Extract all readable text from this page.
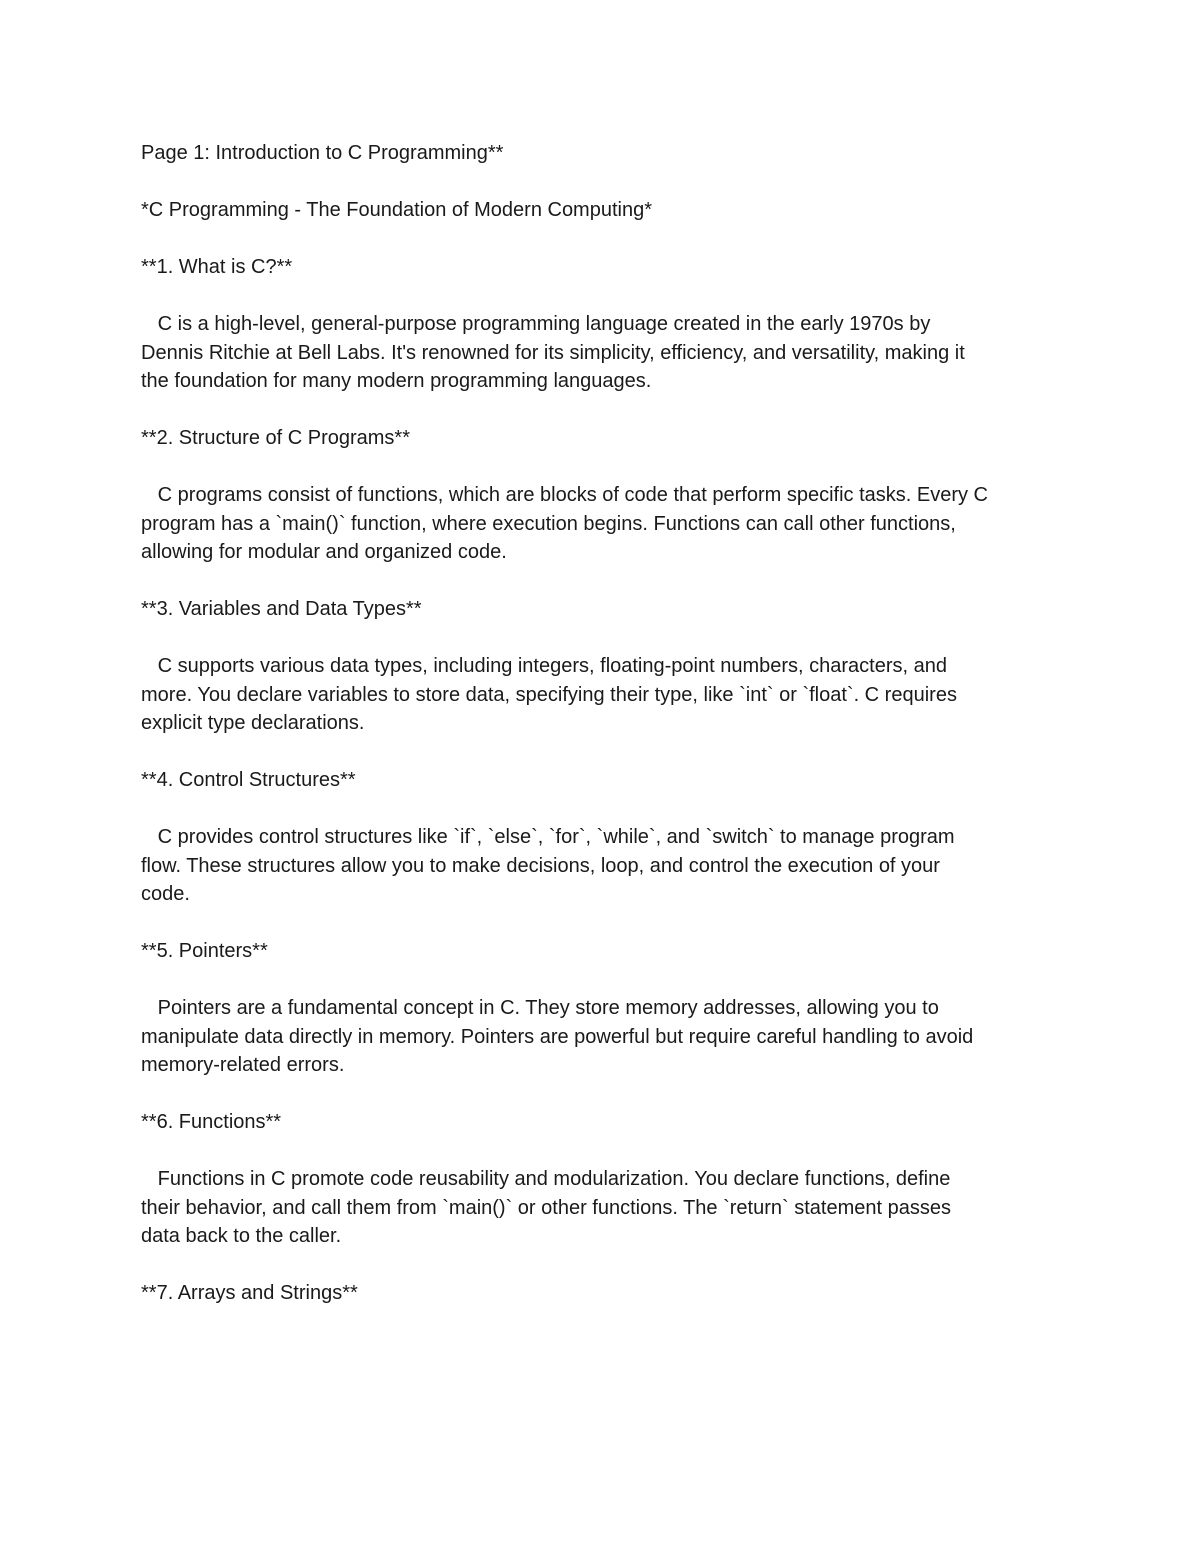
Page 1: Introduction to C Programming**

*C Programming - The Foundation of Modern Computing*

**1. What is C?**

C is a high-level, general-purpose programming language created in the early 1970s by

Dennis Ritchie at Bell Labs. It's renowned for its simplicity, efficiency, and versatility, making it

the foundation for many modern programming languages.

**2. Structure of C Programs**

C programs consist of functions, which are blocks of code that perform specific tasks. Every C

program has a `main()` function, where execution begins. Functions can call other functions,

allowing for modular and organized code.

**3. Variables and Data Types**

C supports various data types, including integers, floating-point numbers, characters, and

more. You declare variables to store data, specifying their type, like `int` or `float`. C requires

explicit type declarations.

**4. Control Structures**

C provides control structures like `if`, `else`, `for`, `while`, and `switch` to manage program

flow. These structures allow you to make decisions, loop, and control the execution of your

code.

**5. Pointers**

Pointers are a fundamental concept in C. They store memory addresses, allowing you to

manipulate data directly in memory. Pointers are powerful but require careful handling to avoid

memory-related errors.

**6. Functions**

Functions in C promote code reusability and modularization. You declare functions, define

their behavior, and call them from `main()` or other functions. The `return` statement passes

data back to the caller.

**7. Arrays and Strings**
